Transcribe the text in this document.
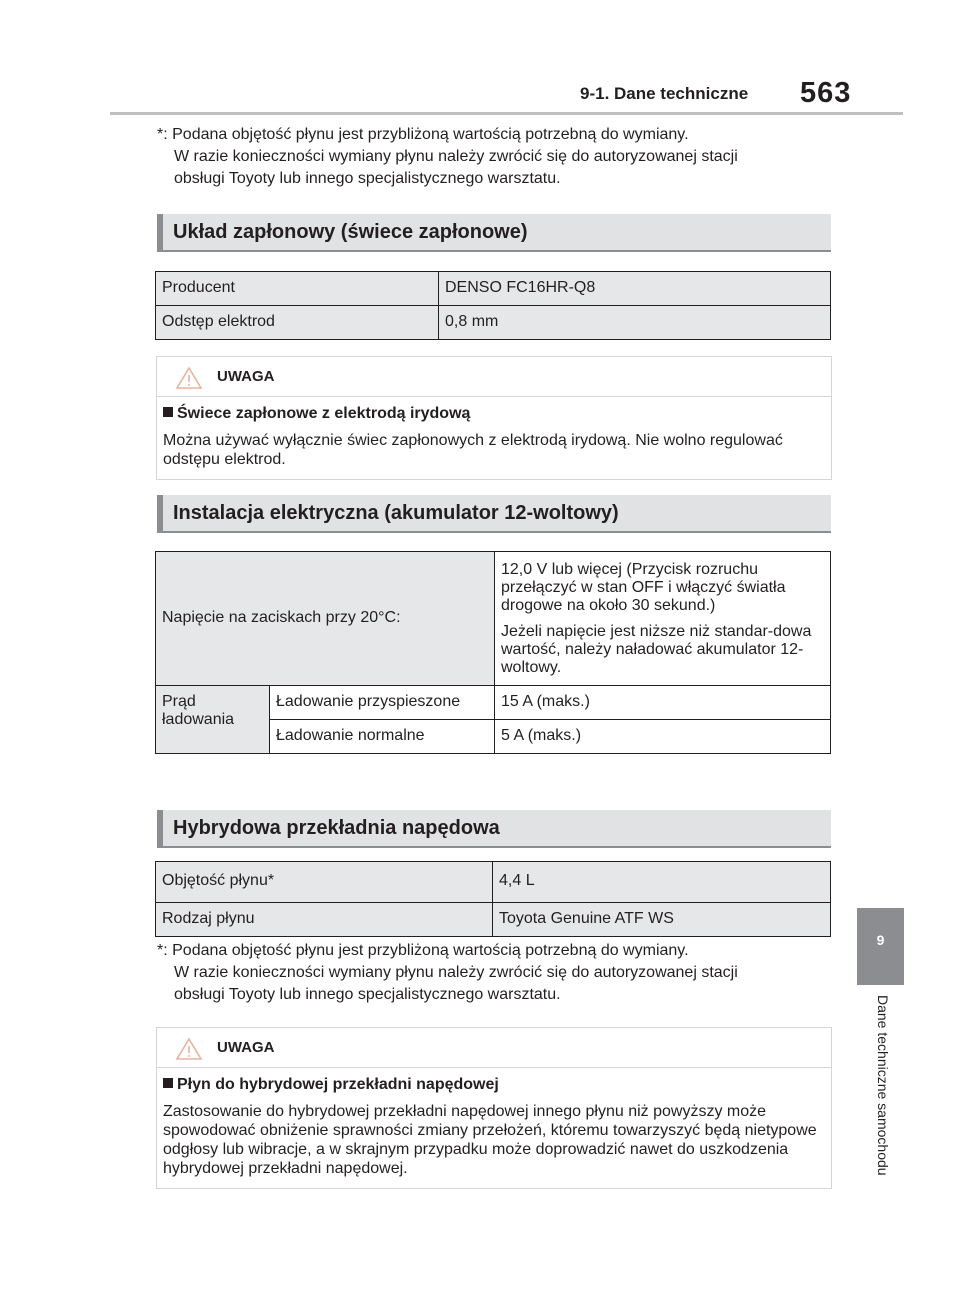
9-1. Dane techniczne 563
9
Dane techniczne samochodu
*: Podana objętość płynu jest przybliżoną wartością potrzebną do wymiany.
W razie konieczności wymiany płynu należy zwrócić się do autoryzowanej stacji
obsługi Toyoty lub innego specjalistycznego warsztatu.
Układ zapłonowy (świece zapłonowe)
Producent	DENSO FC16HR-Q8
Odstęp elektrod	0,8 mm
UWAGA
Świece zapłonowe z elektrodą irydową
Można używać wyłącznie świec zapłonowych z elektrodą irydową. Nie wolno regulować odstępu elektrod.
Instalacja elektryczna (akumulator 12-woltowy)
Napięcie na zaciskach przy 20°C:		12,0 V lub więcej (Przycisk rozruchu przełączyć w stan OFF i włączyć światła drogowe na około 30 sekund.)
Jeżeli napięcie jest niższe niż standar-dowa wartość, należy naładować akumulator 12-woltowy.

Prąd ładowania	Ładowanie przyspieszone	15 A (maks.)
	Ładowanie normalne	5 A (maks.)
Hybrydowa przekładnia napędowa
Objętość płynu*	4,4 L
Rodzaj płynu	Toyota Genuine ATF WS
*: Podana objętość płynu jest przybliżoną wartością potrzebną do wymiany.
W razie konieczności wymiany płynu należy zwrócić się do autoryzowanej stacji
obsługi Toyoty lub innego specjalistycznego warsztatu.
UWAGA
Płyn do hybrydowej przekładni napędowej
Zastosowanie do hybrydowej przekładni napędowej innego płynu niż powyższy może spowodować obniżenie sprawności zmiany przełożeń, któremu towarzyszyć będą nietypowe odgłosy lub wibracje, a w skrajnym przypadku może doprowadzić nawet do uszkodzenia hybrydowej przekładni napędowej.
